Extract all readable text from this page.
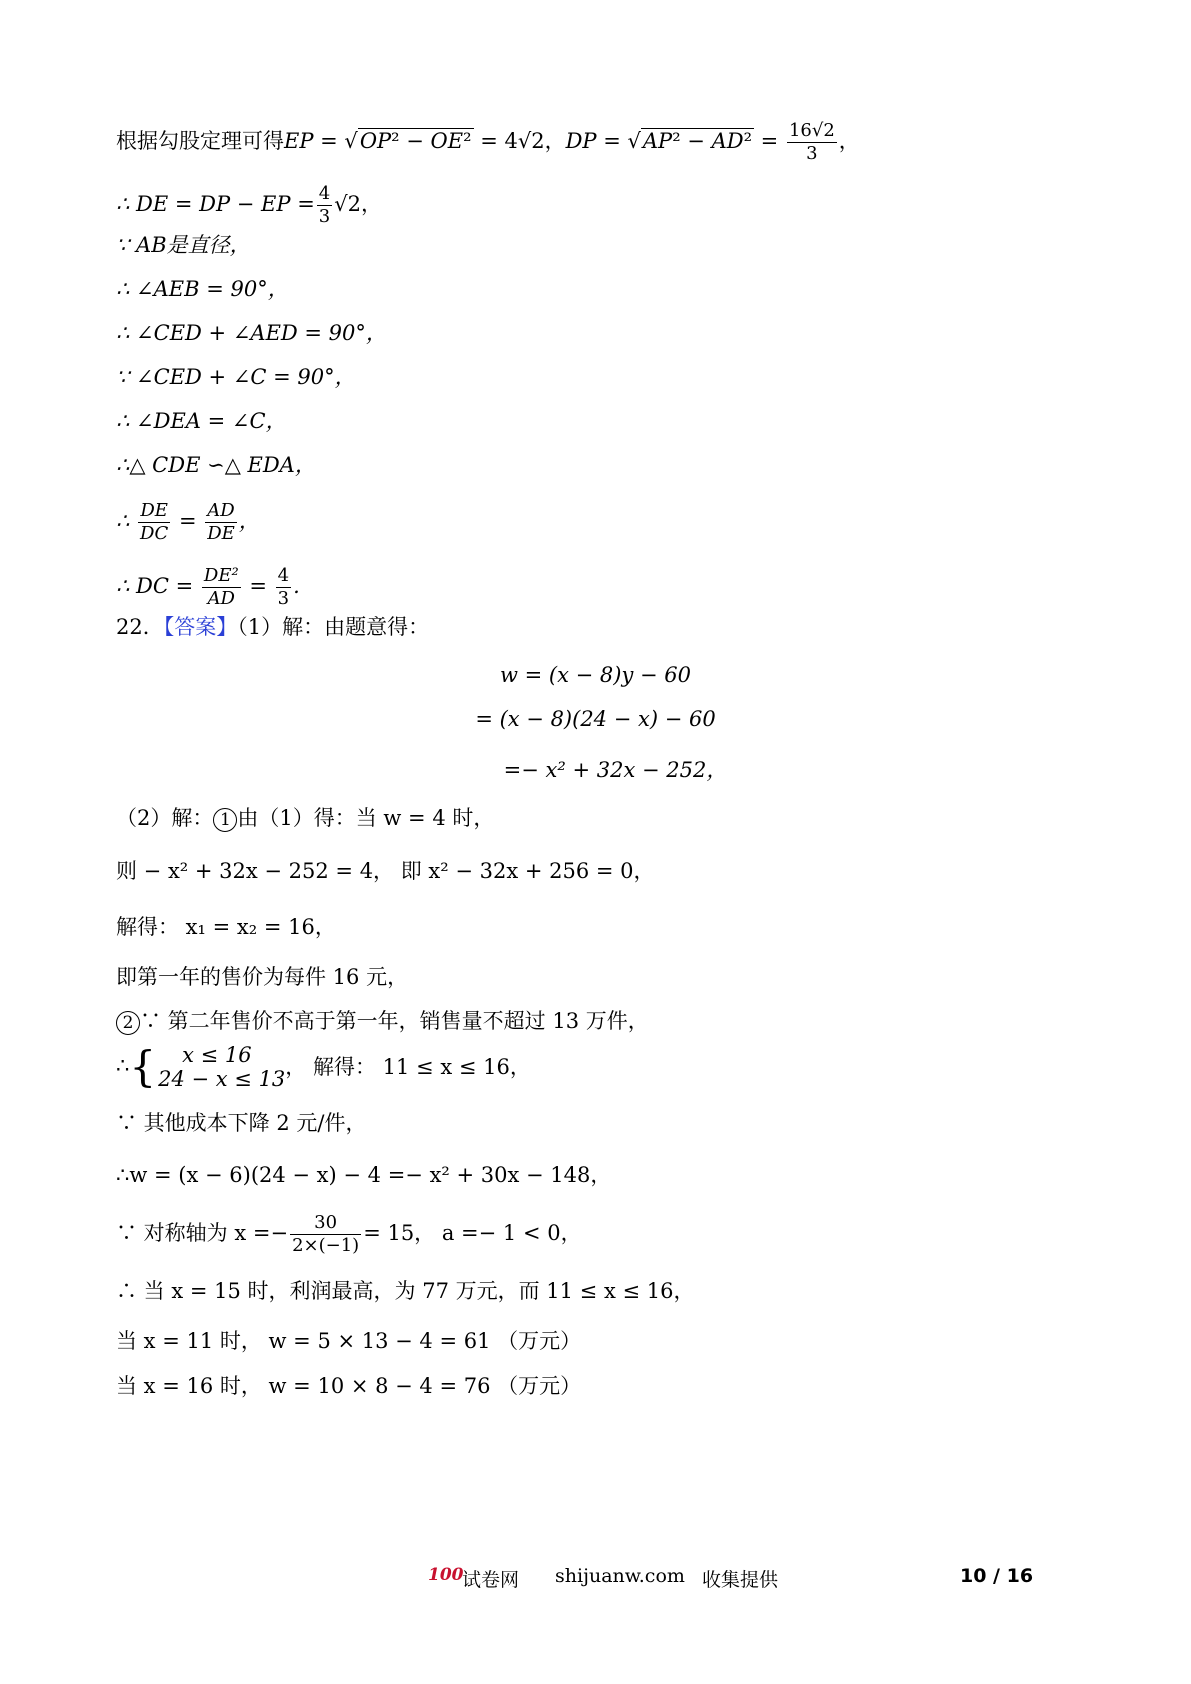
根据勾股定理可得EP = √OP² − OE² = 4√2，DP = $√AP^2 - AD^2 = \frac{16√2}{3}$ ，
∴ DE = DP − EP = $\frac{4}{3} √2$，
∵ AB是直径，
∴ ∠AEB = 90°，
∴ ∠CED + ∠AED = 90°，
∵ ∠CED + ∠C = 90°，
∴ ∠DEA = ∠C，
∴△ CDE ∽△ EDA，
∴ $\frac{DE}{DC} = \frac{AD}{DE}$ ，
∴ DC = $\frac{\text{DE²}}{AD} = \frac{4}{3}$ .
22．【答案】（1）解：由题意得：
w = (x − 8)y − 60
= (x − 8)(24 − x) − 60
=− x² + 32x − 252，
（2）解： 1 由（1）得：当 w = 4 时，
则 − x² + 32x − 252 = 4， 即 x² − 32x + 256 = 0，
解得： x₁ = x₂ = 16，
即第一年的售价为每件 16 元，
2 ∵ 第二年售价不高于第一年，销售量不超过 13 万件，
∴{	x ≤ 16
24 − x ≤ 13 ， 解得： 11 ≤ x ≤ 16，
∵ 其他成本下降 2 元/件，
∴w = (x − 6)(24 − x) − 4 =− x² + 30x − 148，
∵ 对称轴为 $x =- \frac{30}{2\times(-1)} = 15$， a =− 1 < 0，
∴ 当 x = 15 时，利润最高，为 77 万元，而 11 ≤ x ≤ 16，
当 x = 11 时， w = 5 × 13 − 4 = 61 （万元）
当 x = 16 时， w = 10 × 8 − 4 = 76 （万元）
100
试卷网 shijuanw.com 收集提供	10 / 16
